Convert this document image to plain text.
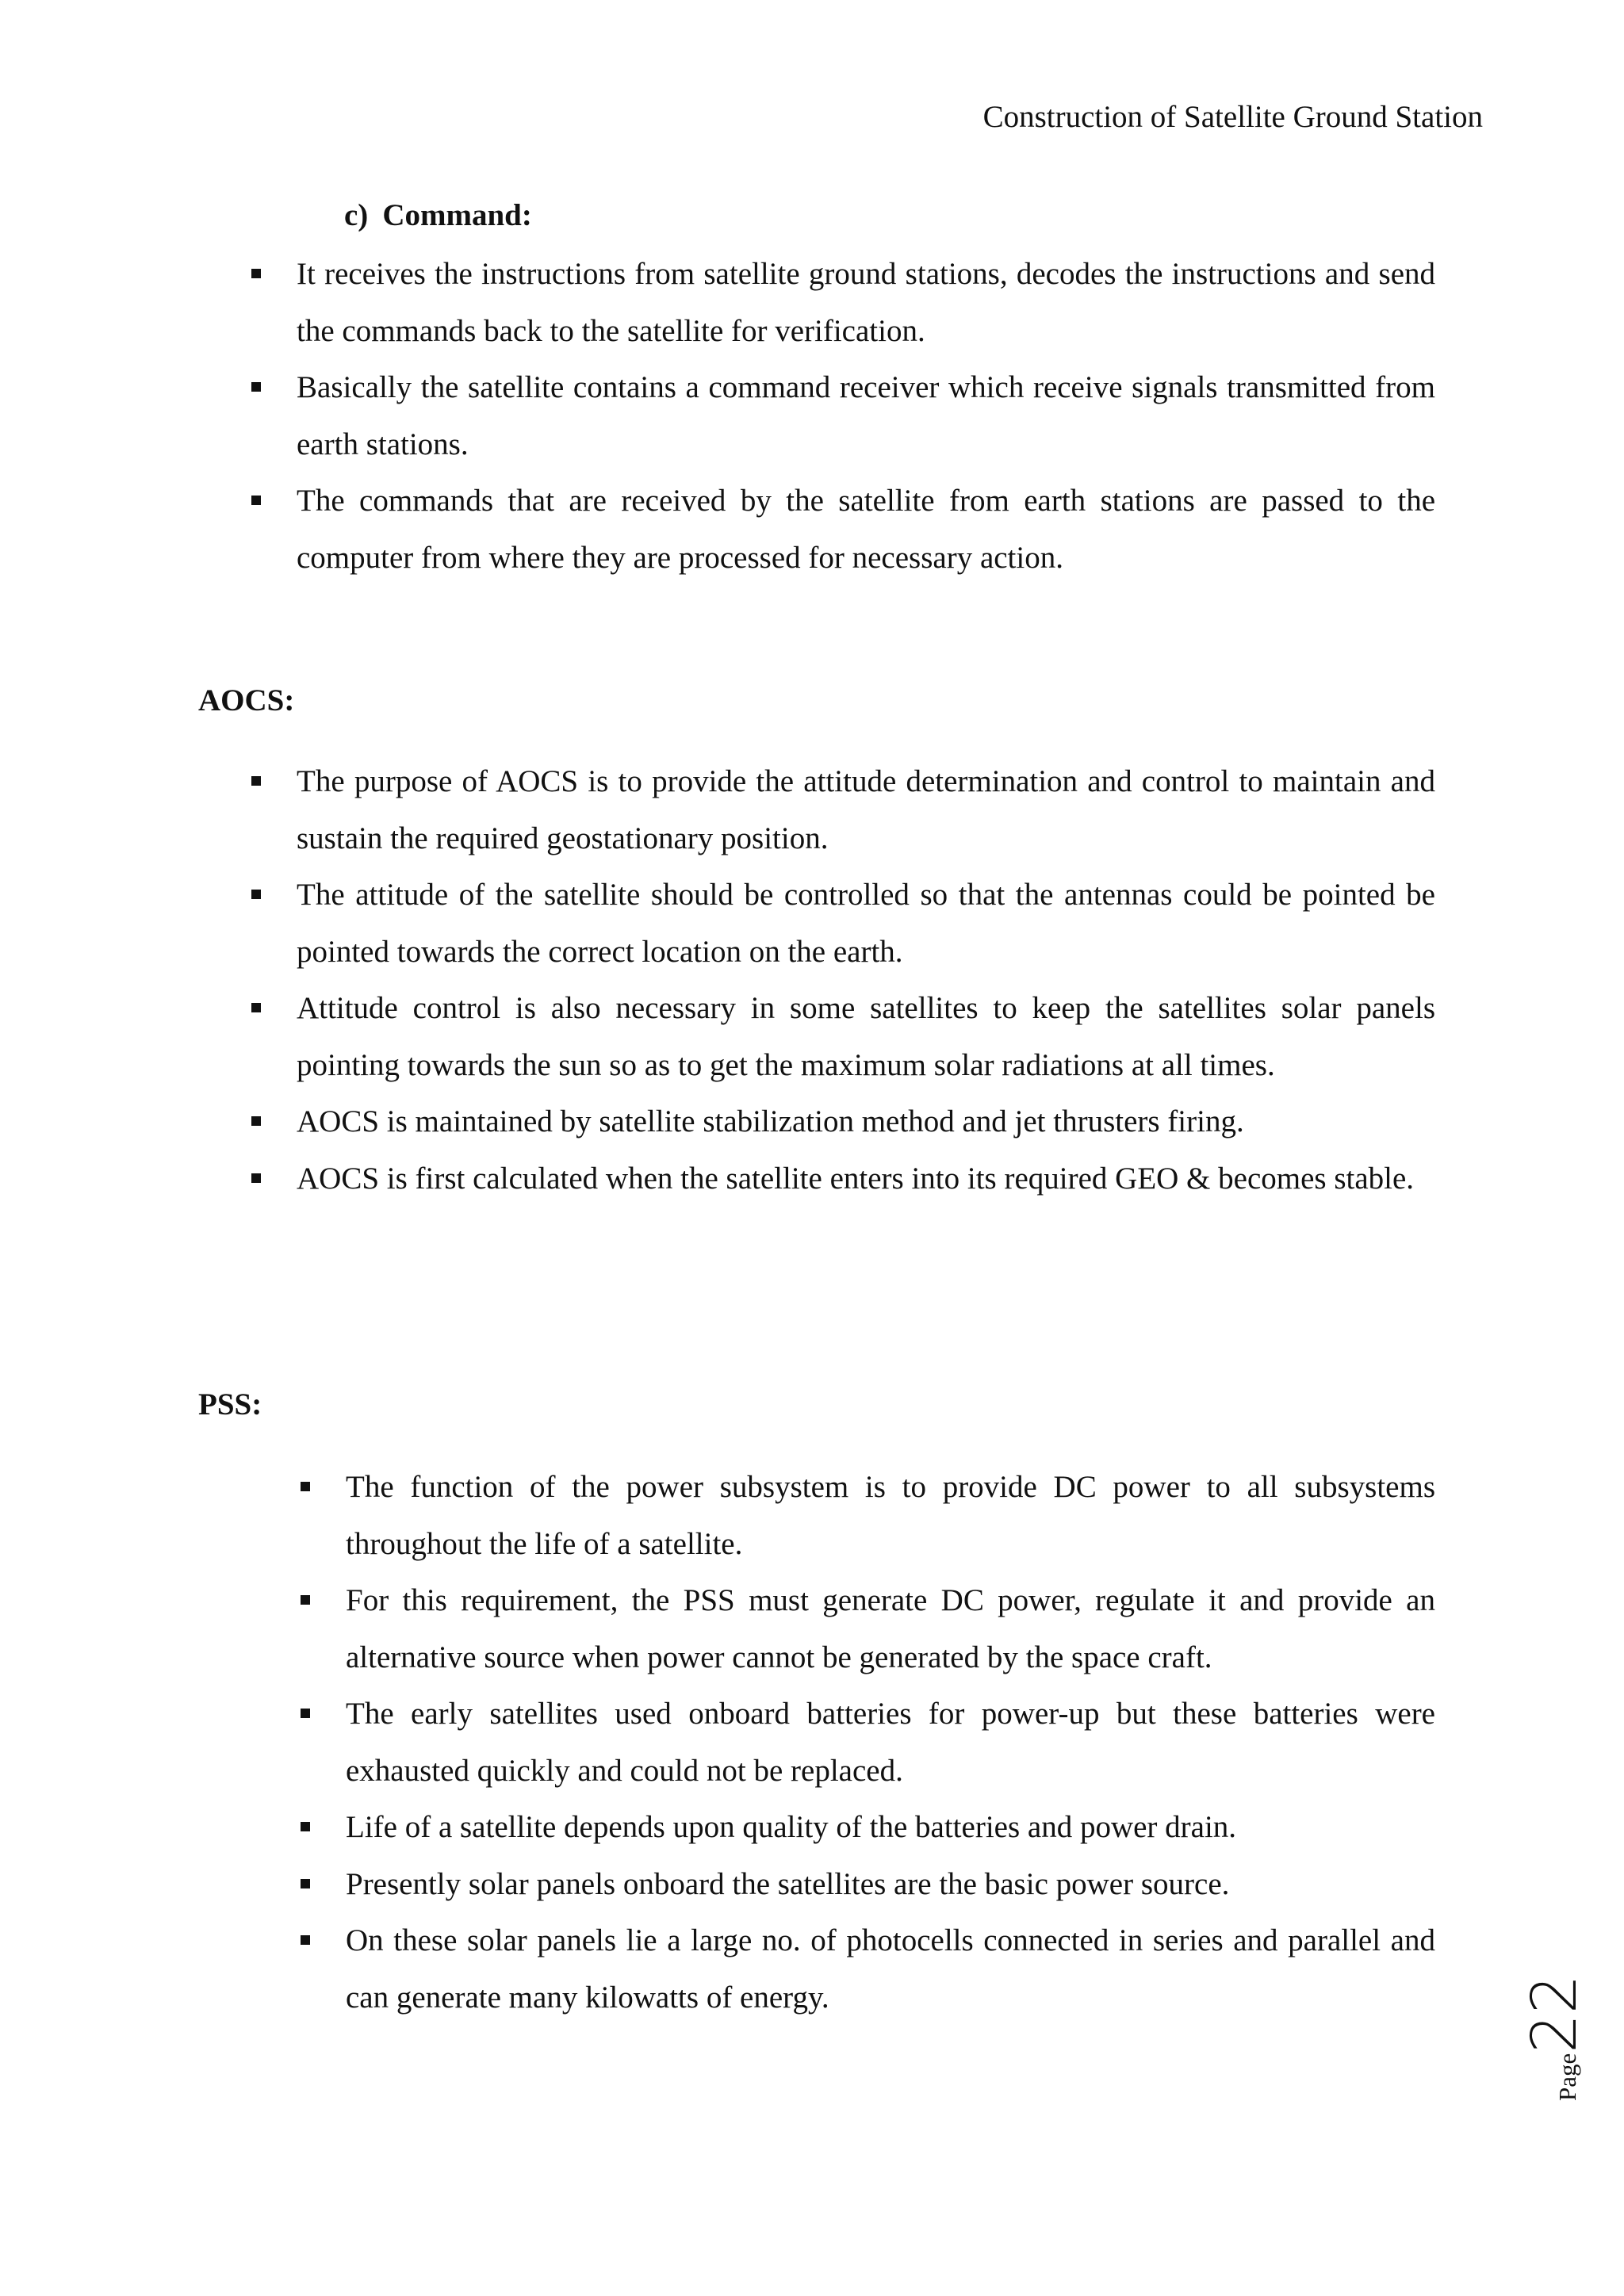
Construction of Satellite Ground Station
c) Command:
It receives the instructions from satellite ground stations, decodes the instructions and send the commands back to the satellite for verification.
Basically the satellite contains a command receiver which receive signals transmitted from earth stations.
The commands that are received by the satellite from earth stations are passed to the computer from where they are processed for necessary action.
AOCS:
The purpose of AOCS is to provide the attitude determination and control to maintain and sustain the required geostationary position.
The attitude of the satellite should be controlled so that the antennas could be pointed be pointed towards the correct location on the earth.
Attitude control is also necessary in some satellites to keep the satellites solar panels pointing towards the sun so as to get the maximum solar radiations at all times.
AOCS is maintained by satellite stabilization method and jet thrusters firing.
AOCS is first calculated when the satellite enters into its required GEO & becomes stable.
PSS:
The function of the power subsystem is to provide DC power to all subsystems throughout the life of a satellite.
For this requirement, the PSS must generate DC power, regulate it and provide an alternative source when power cannot be generated by the space craft.
The early satellites used onboard batteries for power-up but these batteries were exhausted quickly and could not be replaced.
Life of a satellite depends upon quality of the batteries and power drain.
Presently solar panels onboard the satellites are the basic power source.
On these solar panels lie a large no. of photocells connected in series and parallel and can generate many kilowatts of energy.
Page22
